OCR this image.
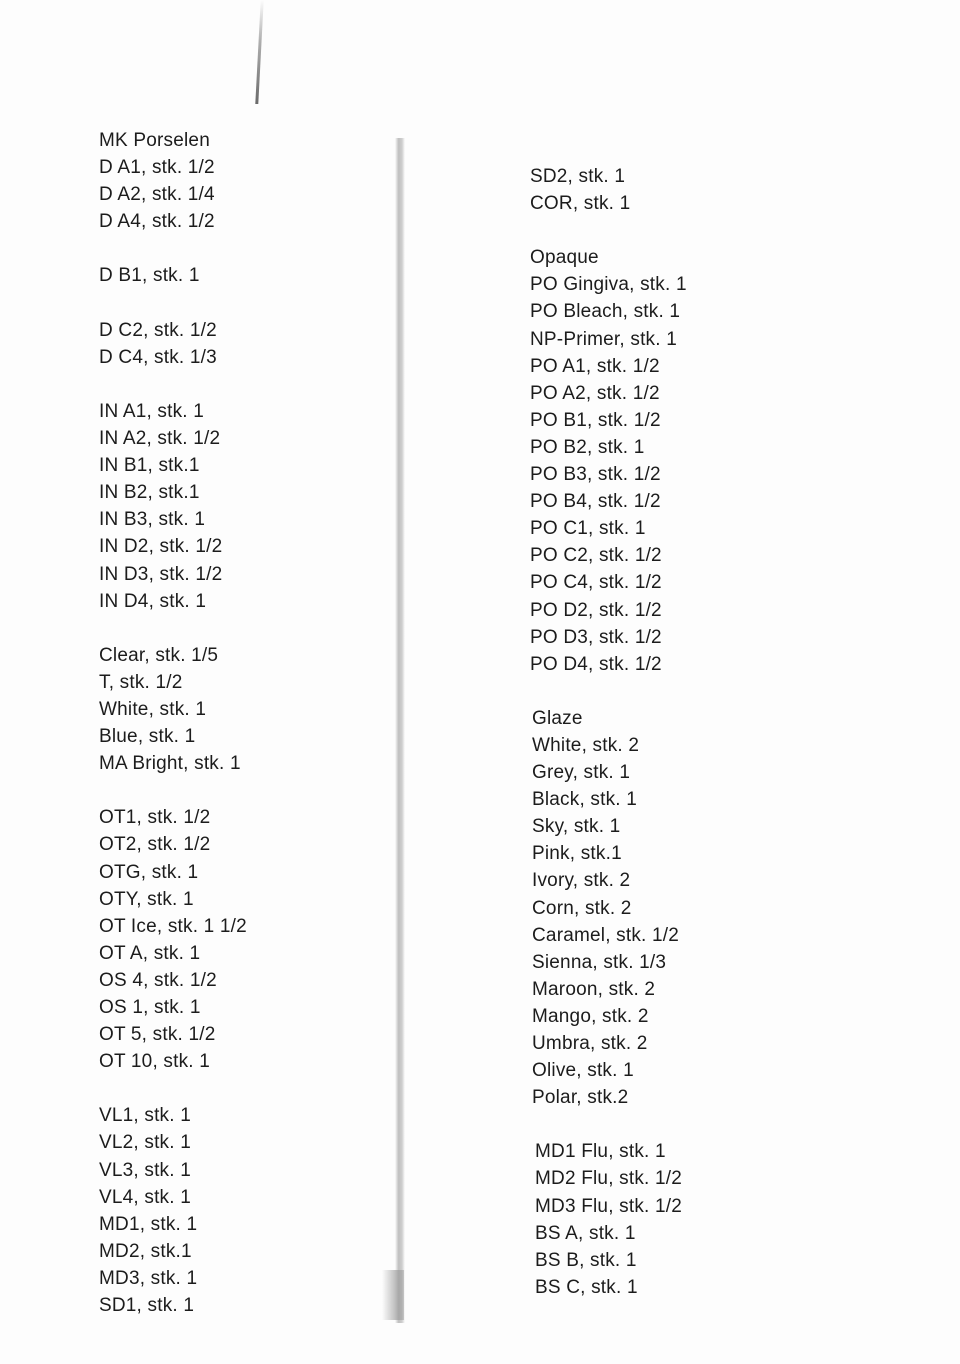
MK Porselen
D A1, stk. 1/2
D A2, stk. 1/4
D A4, stk. 1/2
D B1, stk. 1
D C2, stk. 1/2
D C4, stk. 1/3
IN A1, stk. 1
IN A2, stk. 1/2
IN B1, stk.1
IN B2, stk.1
IN B3, stk. 1
IN D2, stk. 1/2
IN D3, stk. 1/2
IN D4, stk. 1
Clear, stk. 1/5
T, stk. 1/2
White, stk. 1
Blue, stk. 1
MA Bright, stk. 1
OT1, stk. 1/2
OT2, stk. 1/2
OTG, stk. 1
OTY, stk. 1
OT Ice, stk. 1 1/2
OT A, stk. 1
OS 4, stk. 1/2
OS 1, stk. 1
OT 5, stk. 1/2
OT 10, stk. 1
VL1, stk. 1
VL2, stk. 1
VL3, stk. 1
VL4, stk. 1
MD1, stk. 1
MD2, stk.1
MD3, stk. 1
SD1, stk. 1
SD2, stk. 1
COR, stk. 1
Opaque
PO Gingiva, stk. 1
PO Bleach, stk. 1
NP-Primer, stk. 1
PO A1, stk. 1/2
PO A2, stk. 1/2
PO B1, stk. 1/2
PO B2, stk. 1
PO B3, stk. 1/2
PO B4, stk. 1/2
PO C1, stk. 1
PO C2, stk. 1/2
PO C4, stk. 1/2
PO D2, stk. 1/2
PO D3, stk. 1/2
PO D4, stk. 1/2
Glaze
White, stk. 2
Grey, stk. 1
Black, stk. 1
Sky, stk. 1
Pink, stk.1
Ivory, stk. 2
Corn, stk. 2
Caramel, stk. 1/2
Sienna, stk. 1/3
Maroon, stk. 2
Mango, stk. 2
Umbra, stk. 2
Olive, stk. 1
Polar, stk.2
MD1 Flu, stk. 1
MD2 Flu, stk. 1/2
MD3 Flu, stk. 1/2
BS A, stk. 1
BS B, stk. 1
BS C, stk. 1
